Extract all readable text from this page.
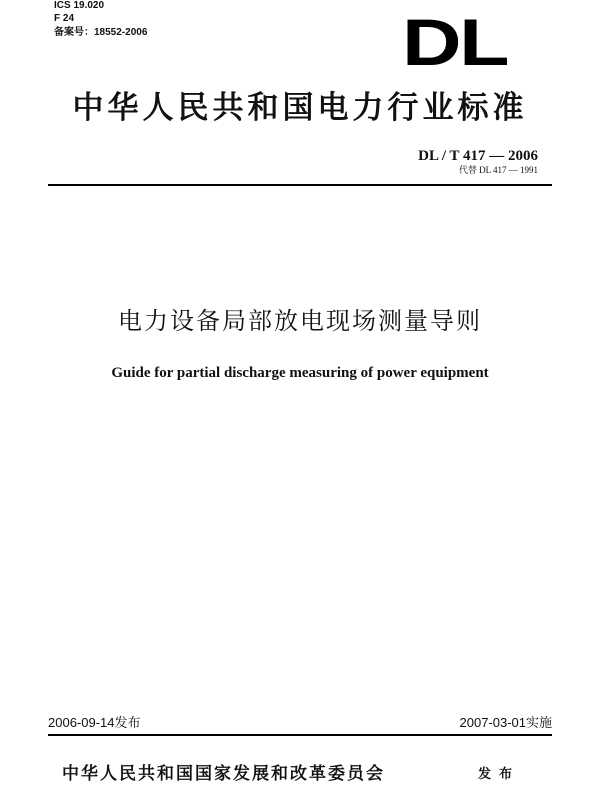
ICS 19.020
F 24
备案号：18552-2006	DL
中华人民共和国电力行业标准
DL / T 417 — 2006
代替 DL 417 — 1991
电力设备局部放电现场测量导则
Guide for partial discharge measuring of power equipment
2006-09-14发布	2007-03-01实施
中华人民共和国国家发展和改革委员会	发布
